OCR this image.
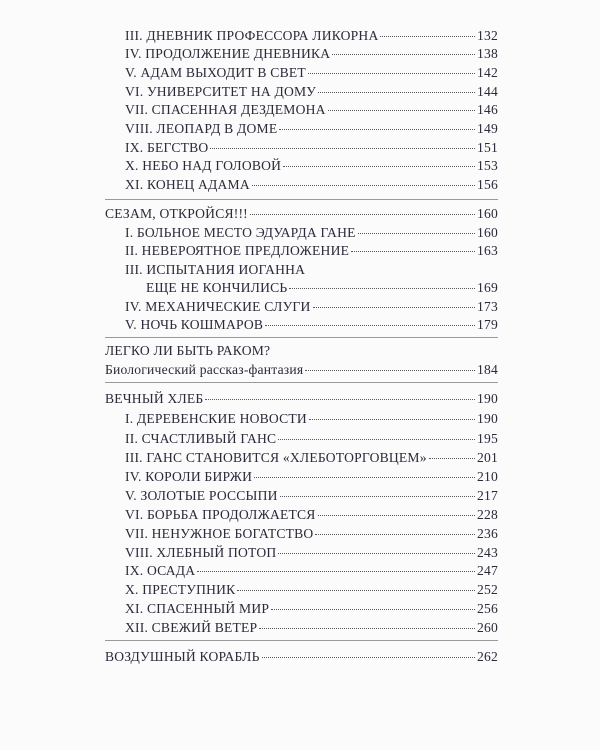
III. ДНЕВНИК ПРОФЕССОРА ЛИКОРНА	132
IV. ПРОДОЛЖЕНИЕ ДНЕВНИКА	138
V. АДАМ ВЫХОДИТ В СВЕТ	142
VI. УНИВЕРСИТЕТ НА ДОМУ	144
VII. СПАСЕННАЯ ДЕЗДЕМОНА	146
VIII. ЛЕОПАРД В ДОМЕ	149
IX. БЕГСТВО	151
X. НЕБО НАД ГОЛОВОЙ	153
XI. КОНЕЦ АДАМА	156
СЕЗАМ, ОТКРОЙСЯ!!!	160
I. БОЛЬНОЕ МЕСТО ЭДУАРДА ГАНЕ	160
II. НЕВЕРОЯТНОЕ ПРЕДЛОЖЕНИЕ	163
III. ИСПЫТАНИЯ ИОГАННА
ЕЩЕ НЕ КОНЧИЛИСЬ	169
IV. МЕХАНИЧЕСКИЕ СЛУГИ	173
V. НОЧЬ КОШМАРОВ	179
ЛЕГКО ЛИ БЫТЬ РАКОМ?
Биологический рассказ-фантазия	184
ВЕЧНЫЙ ХЛЕБ	190
I. ДЕРЕВЕНСКИЕ НОВОСТИ	190
II. СЧАСТЛИВЫЙ ГАНС	195
III. ГАНС СТАНОВИТСЯ «ХЛЕБОТОРГОВЦЕМ»	201
IV. КОРОЛИ БИРЖИ	210
V. ЗОЛОТЫЕ РОССЫПИ	217
VI. БОРЬБА ПРОДОЛЖАЕТСЯ	228
VII. НЕНУЖНОЕ БОГАТСТВО	236
VIII. ХЛЕБНЫЙ ПОТОП	243
IX. ОСАДА	247
X. ПРЕСТУПНИК	252
XI. СПАСЕННЫЙ МИР	256
XII. СВЕЖИЙ ВЕТЕР	260
ВОЗДУШНЫЙ КОРАБЛЬ	262
